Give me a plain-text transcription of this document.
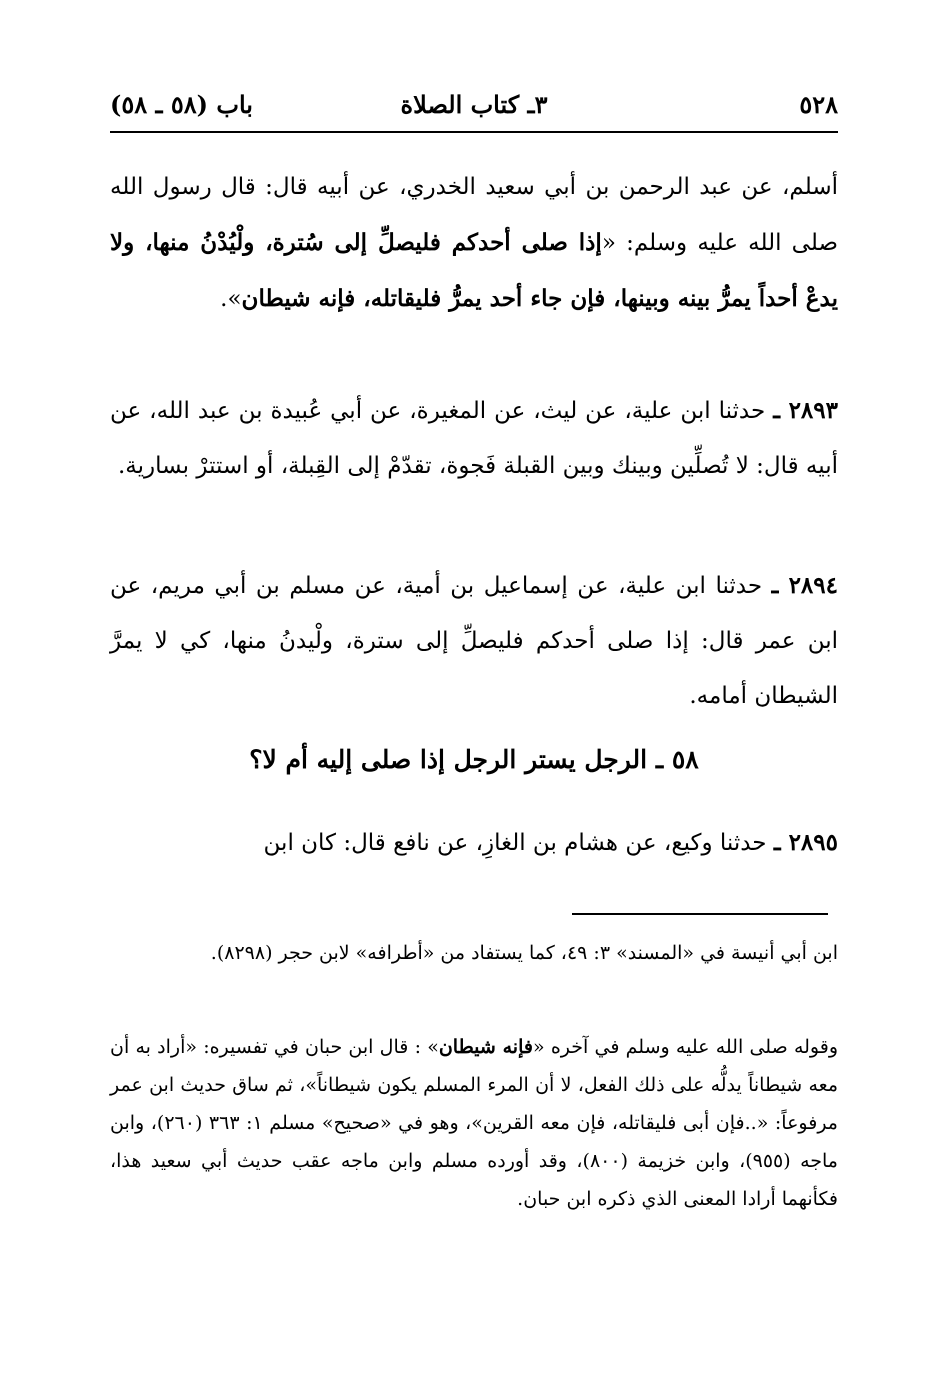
٥٢٨
٣ـ كتاب الصلاة
باب (٥٨ ـ ٥٨)
أسلم، عن عبد الرحمن بن أبي سعيد الخدري، عن أبيه قال: قال رسول الله صلى الله عليه وسلم: «إذا صلى أحدكم فليصلِّ إلى سُترة، ولْيُدْنُ منها، ولا يدعْ أحداً يمرُّ بينه وبينها، فإن جاء أحد يمرُّ فليقاتله، فإنه شيطان».
٢٨٩٣ ـ حدثنا ابن علية، عن ليث، عن المغيرة، عن أبي عُبيدة بن عبد الله، عن أبيه قال: لا تُصلِّين وبينك وبين القبلة فَجوة، تقدّمْ إلى القِبلة، أو استترْ بسارية.
٢٨٩٤ ـ حدثنا ابن علية، عن إسماعيل بن أمية، عن مسلم بن أبي مريم، عن ابن عمر قال: إذا صلى أحدكم فليصلِّ إلى سترة، ولْيدنُ منها، كي لا يمرَّ الشيطان أمامه.
٥٨ ـ الرجل يستر الرجل إذا صلى إليه أم لا؟
٢٨٩٥ ـ حدثنا وكيع، عن هشام بن الغازِ، عن نافع قال: كان ابن
ابن أبي أنيسة في «المسند» ٣: ٤٩، كما يستفاد من «أطرافه» لابن حجر (٨٢٩٨).
وقوله صلى الله عليه وسلم في آخره «فإنه شيطان» : قال ابن حبان في تفسيره: «أراد به أن معه شيطاناً يدلُّه على ذلك الفعل، لا أن المرء المسلم يكون شيطاناً»، ثم ساق حديث ابن عمر مرفوعاً: «..فإن أبى فليقاتله، فإن معه القرين»، وهو في «صحيح» مسلم ١: ٣٦٣ (٢٦٠)، وابن ماجه (٩٥٥)، وابن خزيمة (٨٠٠)، وقد أورده مسلم وابن ماجه عقب حديث أبي سعيد هذا، فكأنهما أرادا المعنى الذي ذكره ابن حبان.
